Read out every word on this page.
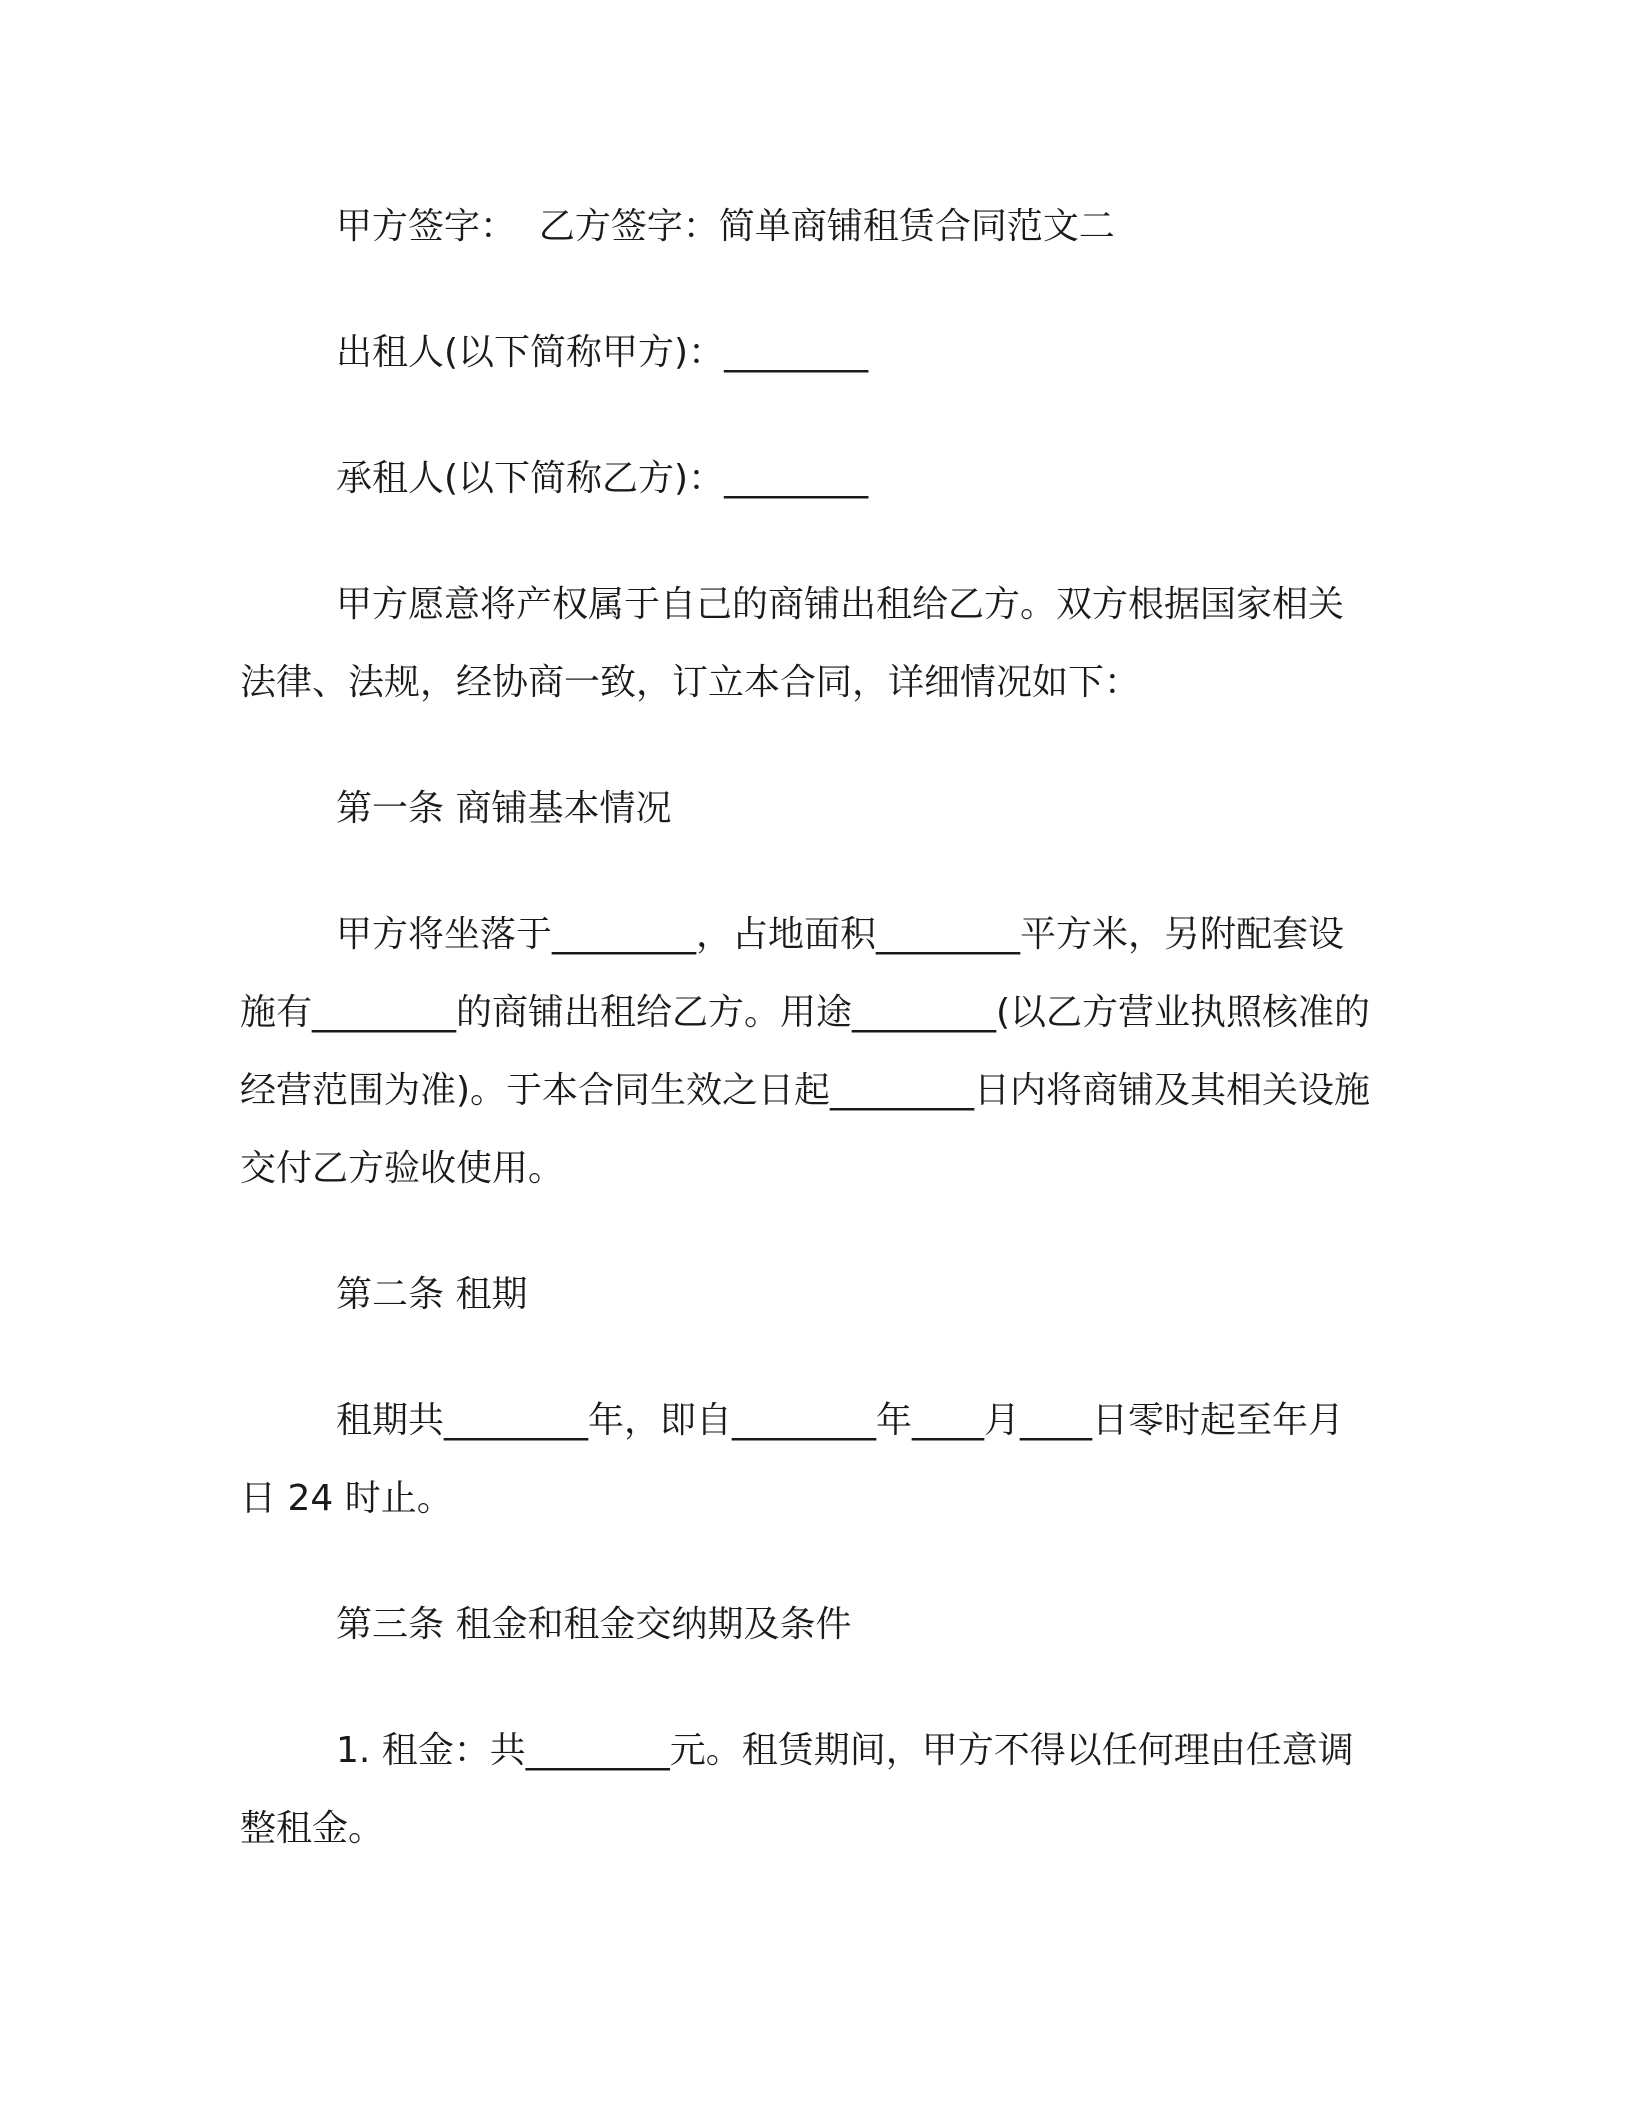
甲方签字：  乙方签字：简单商铺租赁合同范文二

出租人(以下简称甲方)：________

承租人(以下简称乙方)：________

甲方愿意将产权属于自己的商铺出租给乙方。双方根据国家相关法律、法规，经协商一致，订立本合同，详细情况如下：

第一条 商铺基本情况

甲方将坐落于________，占地面积________平方米，另附配套设施有________的商铺出租给乙方。用途________(以乙方营业执照核准的经营范围为准)。于本合同生效之日起________日内将商铺及其相关设施交付乙方验收使用。

第二条 租期

租期共________年，即自________年____月____日零时起至年月日 24 时止。

第三条 租金和租金交纳期及条件

1. 租金：共________元。租赁期间，甲方不得以任何理由任意调整租金。
